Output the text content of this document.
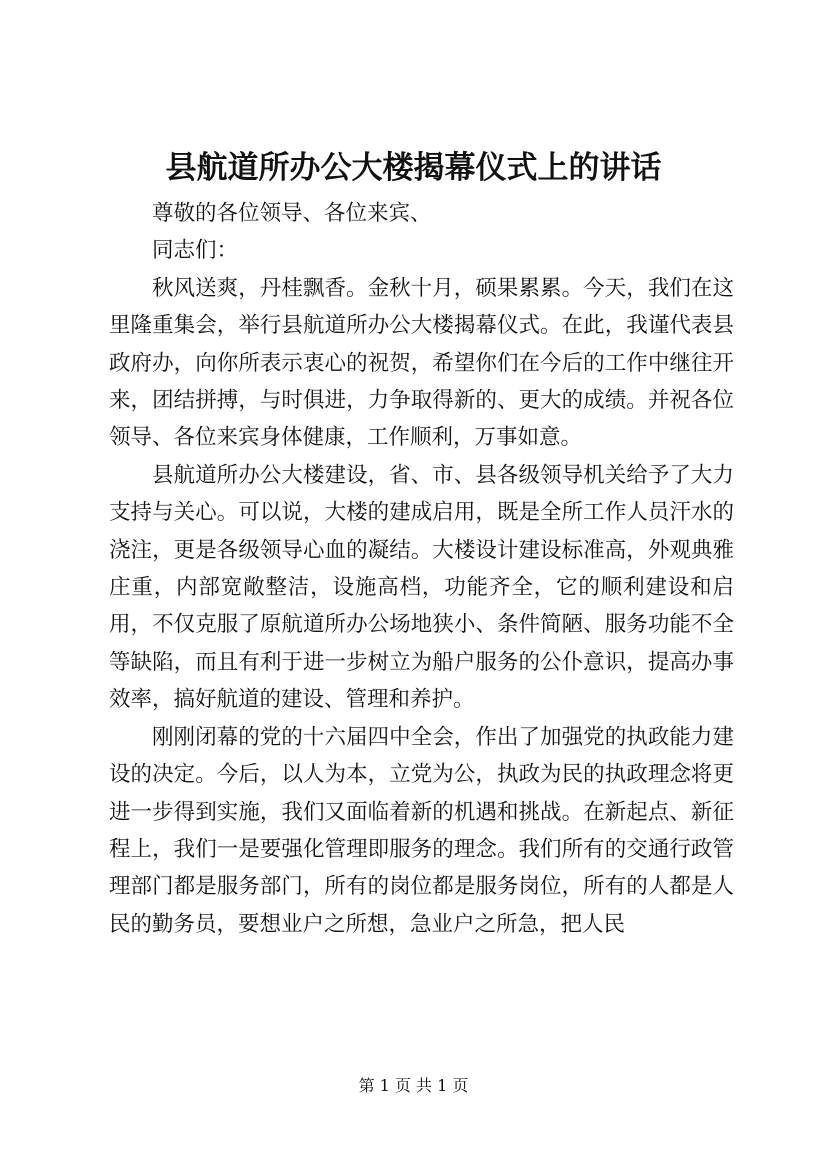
县航道所办公大楼揭幕仪式上的讲话

尊敬的各位领导、各位来宾、

同志们：

秋风送爽，丹桂飘香。金秋十月，硕果累累。今天，我们在这里隆重集会，举行县航道所办公大楼揭幕仪式。在此，我谨代表县政府办，向你所表示衷心的祝贺，希望你们在今后的工作中继往开来，团结拼搏，与时俱进，力争取得新的、更大的成绩。并祝各位领导、各位来宾身体健康，工作顺利，万事如意。

县航道所办公大楼建设，省、市、县各级领导机关给予了大力支持与关心。可以说，大楼的建成启用，既是全所工作人员汗水的浇注，更是各级领导心血的凝结。大楼设计建设标准高，外观典雅庄重，内部宽敞整洁，设施高档，功能齐全，它的顺利建设和启用，不仅克服了原航道所办公场地狭小、条件简陋、服务功能不全等缺陷，而且有利于进一步树立为船户服务的公仆意识，提高办事效率，搞好航道的建设、管理和养护。

刚刚闭幕的党的十六届四中全会，作出了加强党的执政能力建设的决定。今后，以人为本，立党为公，执政为民的执政理念将更进一步得到实施，我们又面临着新的机遇和挑战。在新起点、新征程上，我们一是要强化管理即服务的理念。我们所有的交通行政管理部门都是服务部门，所有的岗位都是服务岗位，所有的人都是人民的勤务员，要想业户之所想，急业户之所急，把人民

第 1 页 共 1 页
